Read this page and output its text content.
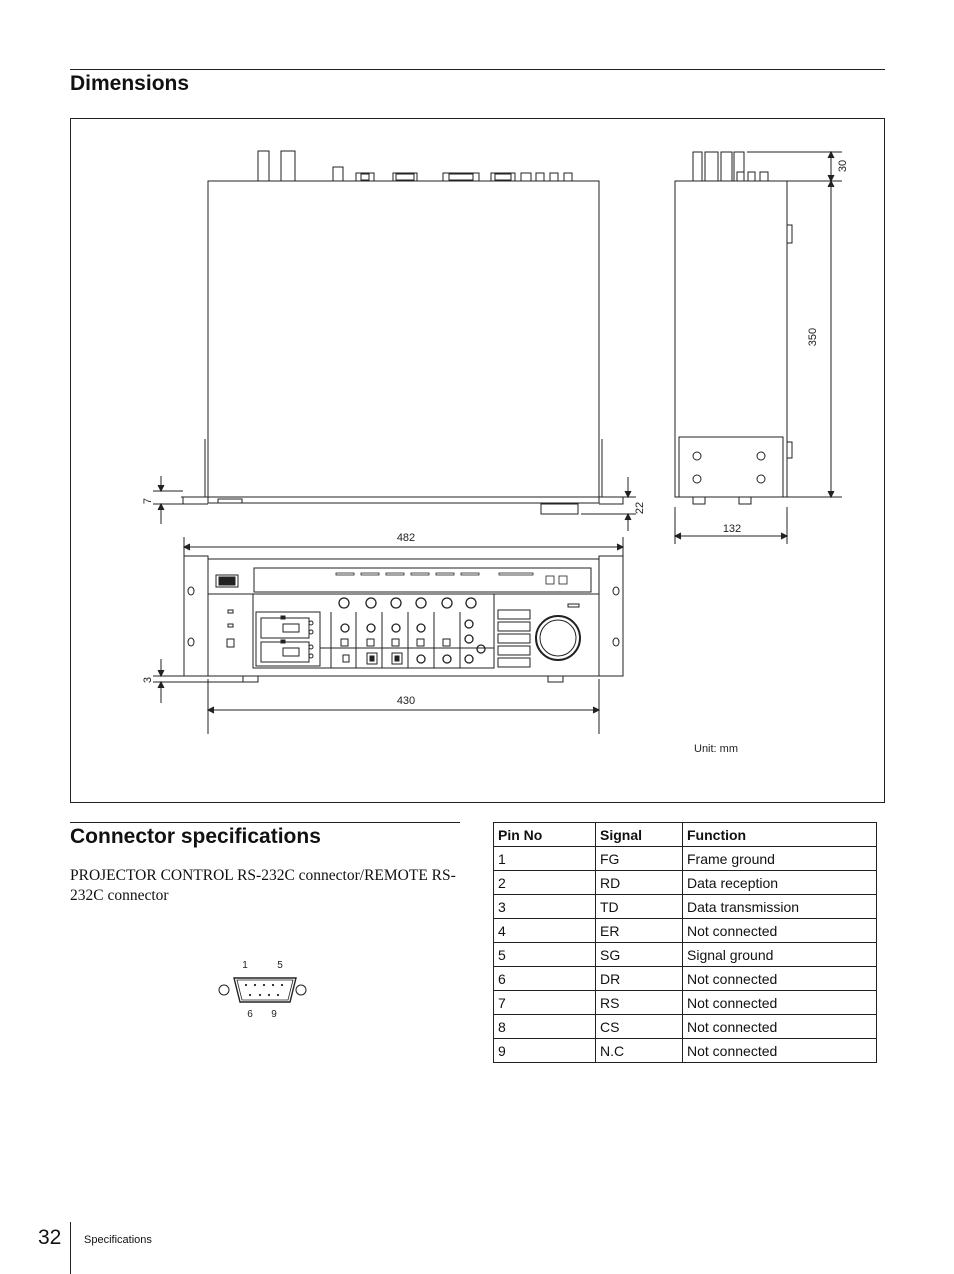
Dimensions
482
430
132
350
30
22
7
3
Unit: mm
Connector specifications

PROJECTOR CONTROL RS-232C connector/REMOTE RS-232C connector

1	5
6 9
Pin No	Signal	Function
1	FG	Frame ground
2	RD	Data reception
3	TD	Data transmission
4	ER	Not connected
5	SG	Signal ground
6	DR	Not connected
7	RS	Not connected
8	CS	Not connected
9	N.C	Not connected
32 Specifications
